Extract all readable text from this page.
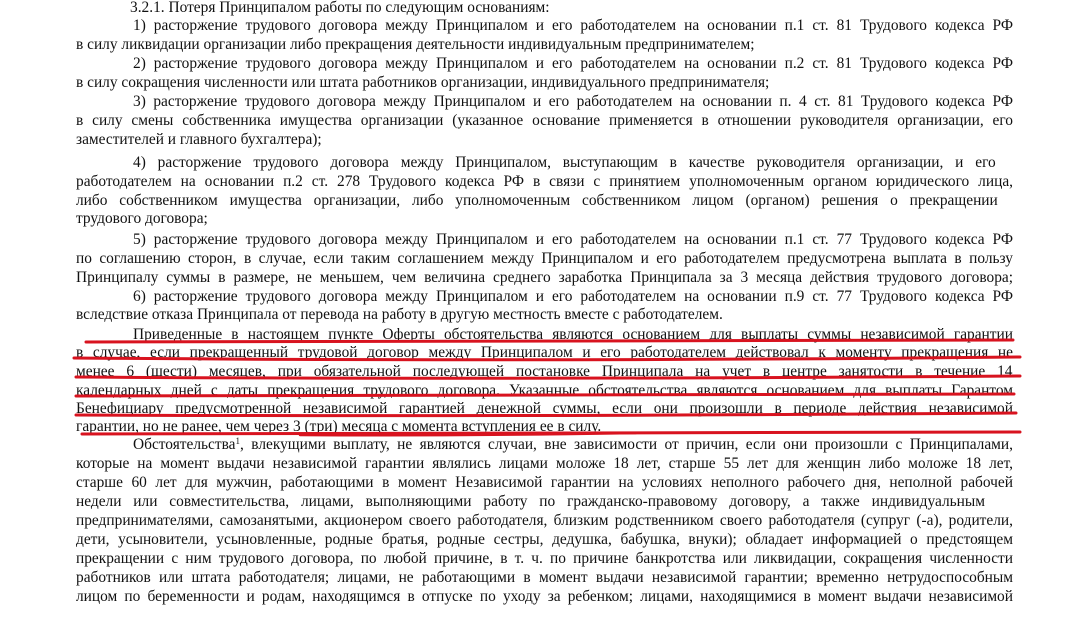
3.2.1. Потеря Принципалом работы по следующим основаниям:
1) расторжение трудового договора между Принципалом и его работодателем на основании п.1 ст. 81 Трудового кодекса РФ
в силу ликвидации организации либо прекращения деятельности индивидуальным предпринимателем;
2) расторжение трудового договора между Принципалом и его работодателем на основании п.2 ст. 81 Трудового кодекса РФ
в силу сокращения численности или штата работников организации, индивидуального предпринимателя;
3) расторжение трудового договора между Принципалом и его работодателем на основании п. 4 ст. 81 Трудового кодекса РФ
в силу смены собственника имущества организации (указанное основание применяется в отношении руководителя организации, его
заместителей и главного бухгалтера);
4) расторжение трудового договора между Принципалом, выступающим в качестве руководителя организации, и его
работодателем на основании п.2 ст. 278 Трудового кодекса РФ в связи с принятием уполномоченным органом юридического лица,
либо собственником имущества организации, либо уполномоченным собственником лицом (органом) решения о прекращении
трудового договора;
5) расторжение трудового договора между Принципалом и его работодателем на основании п.1 ст. 77 Трудового кодекса РФ
по соглашению сторон, в случае, если таким соглашением между Принципалом и его работодателем предусмотрена выплата в пользу
Принципалу суммы в размере, не меньшем, чем величина среднего заработка Принципала за 3 месяца действия трудового договора;
6) расторжение трудового договора между Принципалом и его работодателем на основании п.9 ст. 77 Трудового кодекса РФ
вследствие отказа Принципала от перевода на работу в другую местность вместе с работодателем.
Приведенные в настоящем пункте Оферты обстоятельства являются основанием для выплаты суммы независимой гарантии
в случае, если прекращенный трудовой договор между Принципалом и его работодателем действовал к моменту прекращения не
менее 6 (шести) месяцев, при обязательной последующей постановке Принципала на учет в центре занятости в течение 14
календарных дней с даты прекращения трудового договора. Указанные обстоятельства являются основанием для выплаты Гарантом
Бенефициару предусмотренной независимой гарантией денежной суммы, если они произошли в периоде действия независимой
гарантии, но не ранее, чем через 3 (три) месяца с момента вступления ее в силу.
Обстоятельства$^1$, влекущими выплату, не являются случаи, вне зависимости от причин, если они произошли с Принципалами,
которые на момент выдачи независимой гарантии являлись лицами моложе 18 лет, старше 55 лет для женщин либо моложе 18 лет,
старше 60 лет для мужчин, работающими в момент Независимой гарантии на условиях неполного рабочего дня, неполной рабочей
недели или совместительства, лицами, выполняющими работу по гражданско-правовому договору, а также индивидуальным
предпринимателями, самозанятыми, акционером своего работодателя, близким родственником своего работодателя (супруг (-а), родители,
дети, усыновители, усыновленные, родные братья, родные сестры, дедушка, бабушка, внуки); обладает информацией о предстоящем
прекращении с ним трудового договора, по любой причине, в т. ч. по причине банкротства или ликвидации, сокращения численности
работников или штата работодателя; лицами, не работающими в момент выдачи независимой гарантии; временно нетрудоспособным
лицом по беременности и родам, находящимся в отпуске по уходу за ребенком; лицами, находящимися в момент выдачи независимой
